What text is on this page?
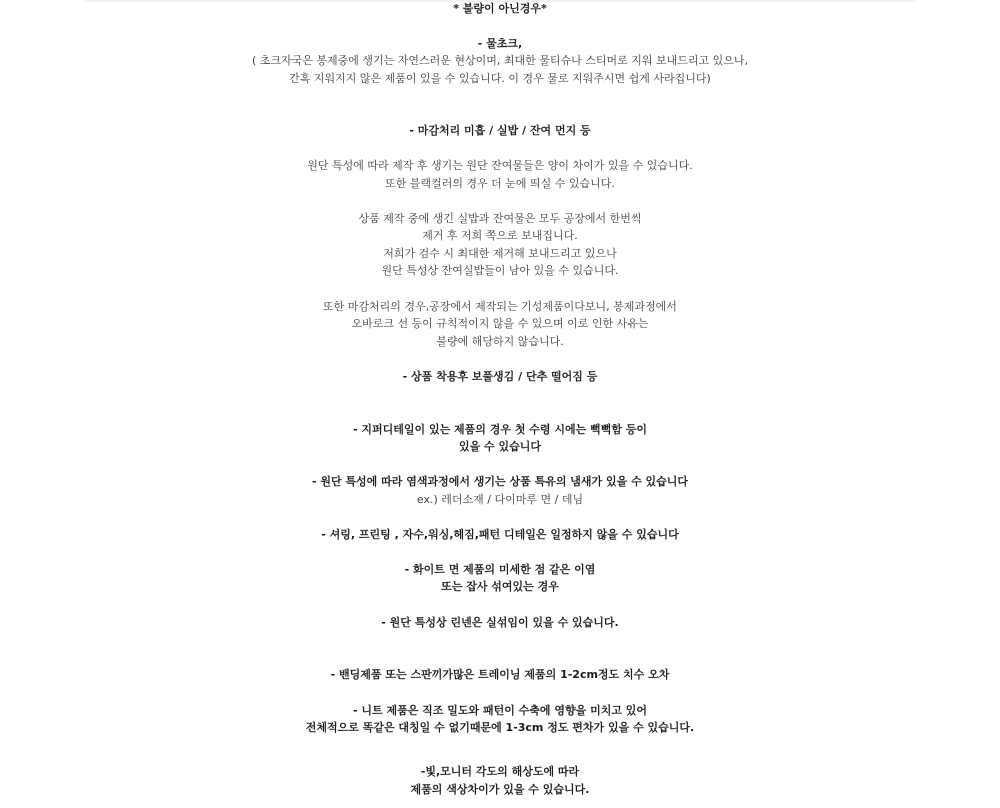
* 불량이 아닌경우*
- 물초크,
( 초크자국은 봉제중에 생기는 자연스러운 현상이며, 최대한 물티슈나 스티머로 지워 보내드리고 있으나,
간혹 지워지지 않은 제품이 있을 수 있습니다. 이 경우 물로 지워주시면 쉽게 사라집니다)
- 마감처리 미흡 / 실밥 / 잔여 먼지 등
원단 특성에 따라 제작 후 생기는 원단 잔여물들은 양이 차이가 있을 수 있습니다.
또한 블랙컬러의 경우 더 눈에 띄실 수 있습니다.
상품 제작 중에 생긴 실밥과 잔여물은 모두 공장에서 한번씩
제거 후 저희 쪽으로 보내집니다.
저희가 검수 시 최대한 제거해 보내드리고 있으나
원단 특성상 잔여실밥들이 남아 있을 수 있습니다.
또한 마감처리의 경우,공장에서 제작되는 기성제품이다보니, 봉제과정에서
오바로크 선 등이 규칙적이지 않을 수 있으며 이로 인한 사유는
불량에 해당하지 않습니다.
- 상품 착용후 보풀생김 / 단추 떨어짐 등
- 지퍼디테일이 있는 제품의 경우 첫 수령 시에는 뻑뻑함 등이
있을 수 있습니다
- 원단 특성에 따라 염색과정에서 생기는 상품 특유의 냄새가 있을 수 있습니다
ex.) 레더소재 / 다이마루 면 / 데님
- 셔링, 프린팅 , 자수,워싱,헤짐,패턴 디테일은 일정하지 않을 수 있습니다
- 화이트 면 제품의 미세한 점 같은 이염
또는 잡사 섞여있는 경우
- 원단 특성상 린넨은 실섞임이 있을 수 있습니다.
- 밴딩제품 또는 스판끼가많은 트레이닝 제품의 1-2cm정도 치수 오차
- 니트 제품은 직조 밀도와 패턴이 수축에 영향을 미치고 있어
전체적으로 똑같은 대칭일 수 없기때문에 1-3cm 정도 편차가 있을 수 있습니다.
-빛,모니터 각도의 해상도에 따라
제품의 색상차이가 있을 수 있습니다.
